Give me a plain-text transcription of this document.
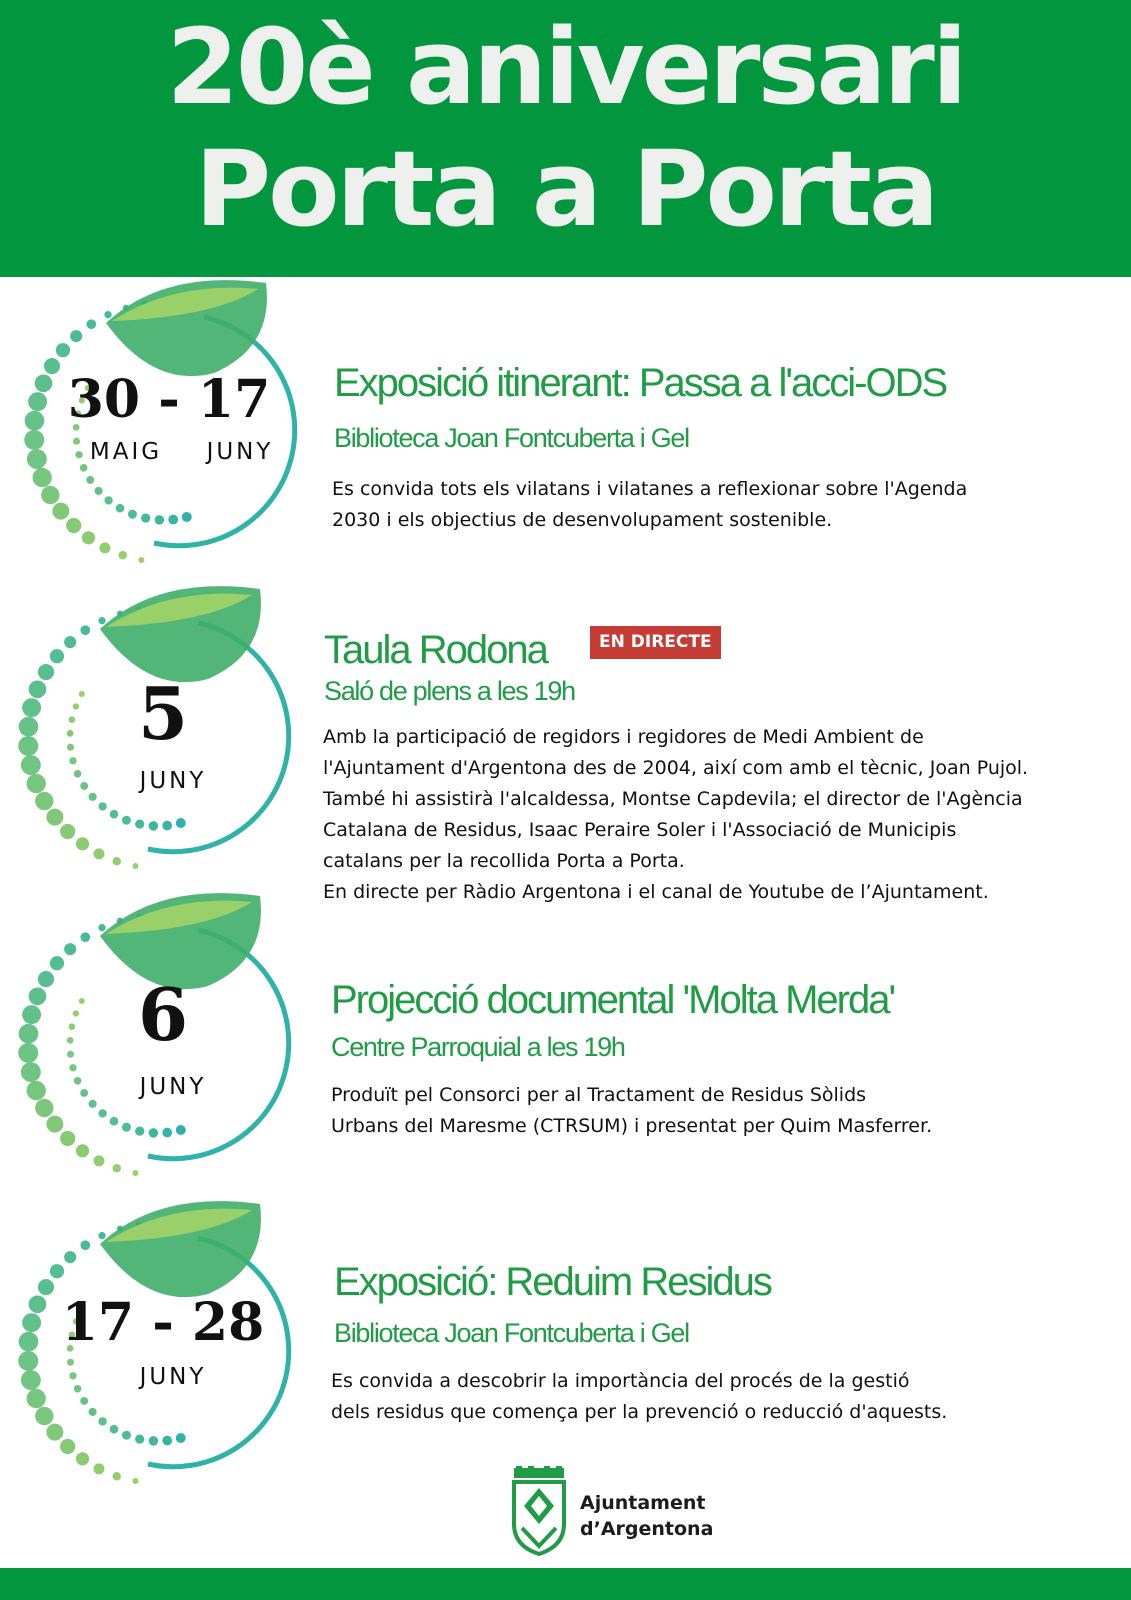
20è aniversari
Porta a Porta
30 - 17
MAIG	JUNY
Exposició itinerant: Passa a l'acci-ODS
Biblioteca Joan Fontcuberta i Gel
Es convida tots els vilatans i vilatanes a reflexionar sobre l'Agenda
2030 i els objectius de desenvolupament sostenible.
5
JUNY
Taula Rodona	EN DIRECTE
Saló de plens a les 19h
Amb la participació de regidors i regidores de Medi Ambient de
l'Ajuntament d'Argentona des de 2004, així com amb el tècnic, Joan Pujol.
També hi assistirà l'alcaldessa, Montse Capdevila; el director de l'Agència
Catalana de Residus, Isaac Peraire Soler i l'Associació de Municipis
catalans per la recollida Porta a Porta.
En directe per Ràdio Argentona i el canal de Youtube de l’Ajuntament.
6
JUNY
Projecció documental 'Molta Merda'
Centre Parroquial a les 19h
Produït pel Consorci per al Tractament de Residus Sòlids
Urbans del Maresme (CTRSUM) i presentat per Quim Masferrer.
17 - 28
JUNY
Exposició: Reduim Residus
Biblioteca Joan Fontcuberta i Gel
Es convida a descobrir la importància del procés de la gestió
dels residus que comença per la prevenció o reducció d'aquests.
Ajuntament
d’Argentona
